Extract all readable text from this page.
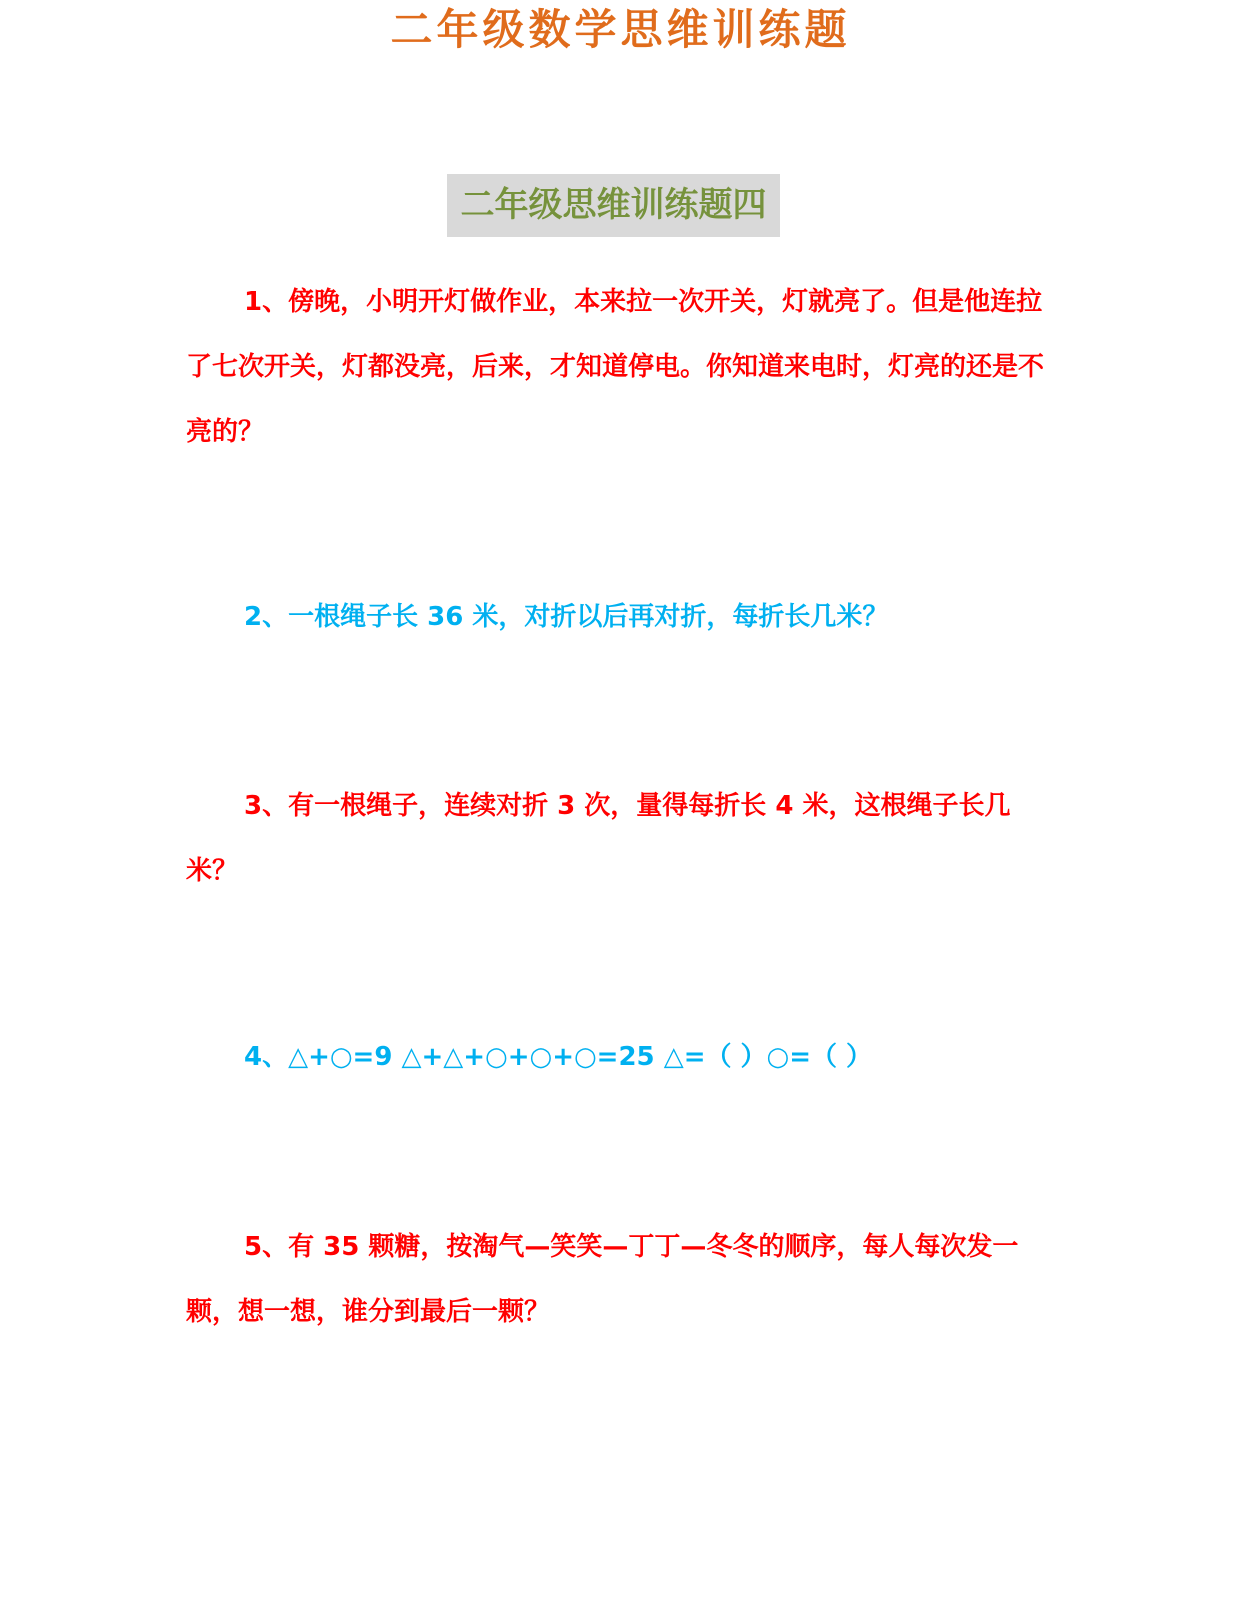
二年级数学思维训练题
二年级思维训练题四

1、傍晚，小明开灯做作业，本来拉一次开关，灯就亮了。但是他连拉了七次开关，灯都没亮，后来，才知道停电。你知道来电时，灯亮的还是不亮的？

2、一根绳子长 36 米，对折以后再对折，每折长几米？

3、有一根绳子，连续对折 3 次，量得每折长 4 米，这根绳子长几米？

4、△+○=9 △+△+○+○+○=25 △=（ ）○=（ ）

5、有 35 颗糖，按淘气—笑笑—丁丁—冬冬的顺序，每人每次发一颗，想一想，谁分到最后一颗？
